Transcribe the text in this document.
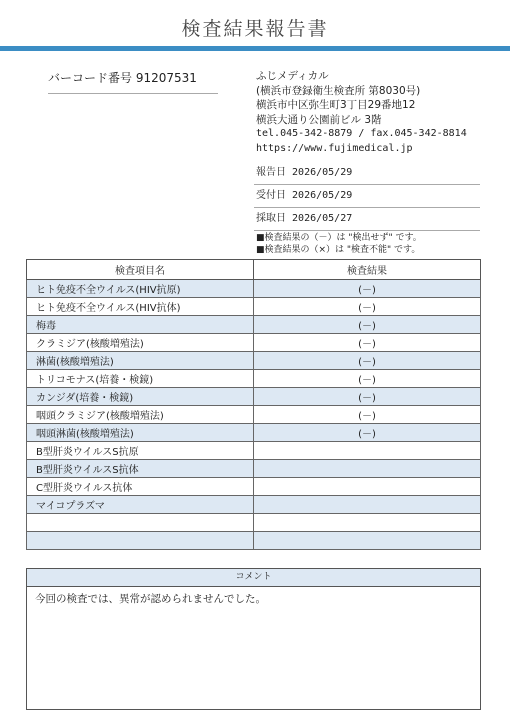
検査結果報告書
バーコード番号 91207531	ふじメディカル
(横浜市登録衛生検査所 第8030号)
横浜市中区弥生町3丁目29番地12
横浜大通り公園前ビル 3階
tel.045-342-8879 / fax.045-342-8814
https://www.fujimedical.jp
報告日 2026/05/29
受付日 2026/05/29
採取日 2026/05/27
■検査結果の（－）は "検出せず" です。
■検査結果の（×）は "検査不能" です。
検査項目名	検査結果
ヒト免疫不全ウイルス(HIV抗原)	(－)
ヒト免疫不全ウイルス(HIV抗体)	(－)
梅毒	(－)
クラミジア(核酸増殖法)	(－)
淋菌(核酸増殖法)	(－)
トリコモナス(培養・検鏡)	(－)
カンジダ(培養・検鏡)	(－)
咽頭クラミジア(核酸増殖法)	(－)
咽頭淋菌(核酸増殖法)	(－)
B型肝炎ウイルスS抗原	
B型肝炎ウイルスS抗体	
C型肝炎ウイルス抗体	
マイコプラズマ	

コメント
今回の検査では、異常が認められませんでした。
